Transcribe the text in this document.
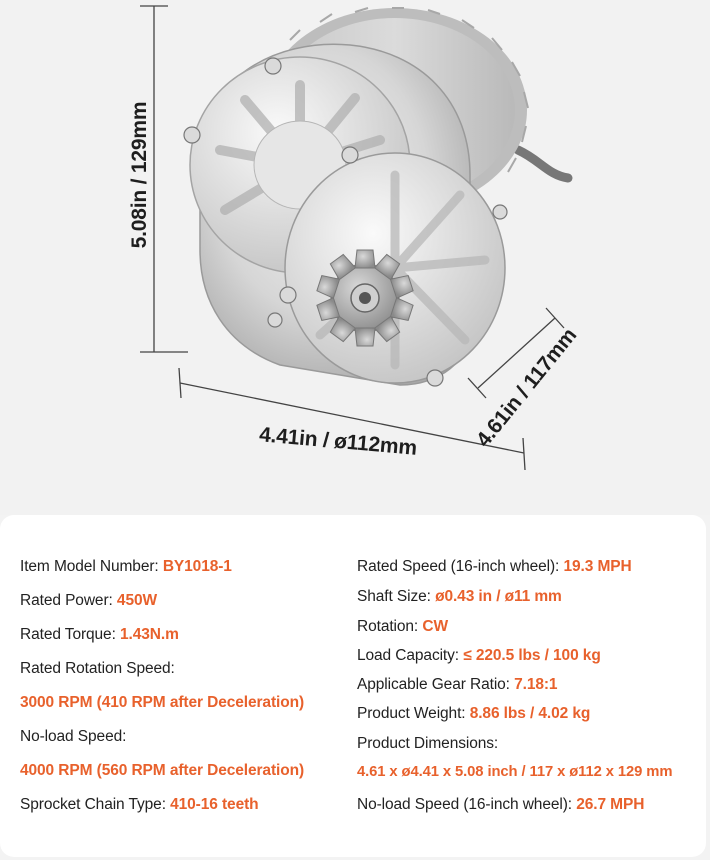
5.08in / 129mm
4.41in / ø112mm	4.61in / 117mm
Item Model Number: BY1018-1
Rated Power: 450W
Rated Torque: 1.43N.m
Rated Rotation Speed:
3000 RPM (410 RPM after Deceleration)
No-load Speed:
4000 RPM (560 RPM after Deceleration)
Sprocket Chain Type: 410-16 teeth
Rated Speed (16-inch wheel): 19.3 MPH
Shaft Size: ø0.43 in / ø11 mm
Rotation: CW
Load Capacity: ≤ 220.5 lbs / 100 kg
Applicable Gear Ratio: 7.18:1
Product Weight: 8.86 lbs / 4.02 kg
Product Dimensions:
4.61 x ø4.41 x 5.08 inch / 117 x ø112 x 129 mm
No-load Speed (16-inch wheel): 26.7 MPH
